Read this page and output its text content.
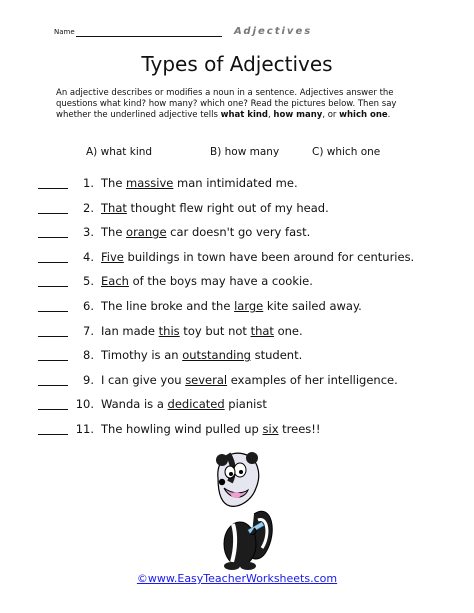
Name	Adjectives
Types of Adjectives
An adjective describes or modifies a noun in a sentence. Adjectives answer the questions what kind? how many? which one? Read the pictures below. Then say whether the underlined adjective tells what kind, how many, or which one.
A) what kind	B) how many	C) which one
1. The massive man intimidated me.
2. That thought flew right out of my head.
3. The orange car doesn't go very fast.
4. Five buildings in town have been around for centuries.
5. Each of the boys may have a cookie.
6. The line broke and the large kite sailed away.
7. Ian made this toy but not that one.
8. Timothy is an outstanding student.
9. I can give you several examples of her intelligence.
10. Wanda is a dedicated pianist
11. The howling wind pulled up six trees!!
©www.EasyTeacherWorksheets.com
